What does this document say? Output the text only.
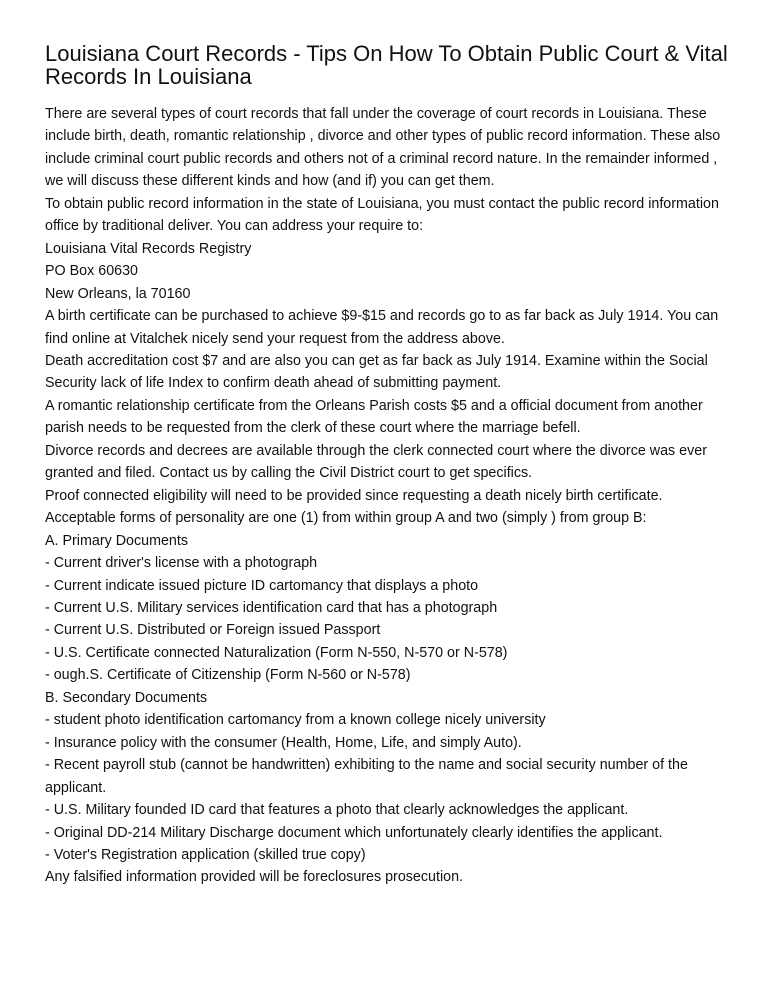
Louisiana Court Records - Tips On How To Obtain Public Court & Vital Records In Louisiana

There are several types of court records that fall under the coverage of court records in Louisiana. These include birth, death, romantic relationship , divorce and other types of public record information. These also include criminal court public records and others not of a criminal record nature. In the remainder informed , we will discuss these different kinds and how (and if) you can get them.

To obtain public record information in the state of Louisiana, you must contact the public record information office by traditional deliver. You can address your require to:

Louisiana Vital Records Registry

PO Box 60630

New Orleans, la 70160

A birth certificate can be purchased to achieve $9-$15 and records go to as far back as July 1914. You can find online at Vitalchek nicely send your request from the address above.

Death accreditation cost $7 and are also you can get as far back as July 1914. Examine within the Social Security lack of life Index to confirm death ahead of submitting payment.

A romantic relationship certificate from the Orleans Parish costs $5 and a official document from another parish needs to be requested from the clerk of these court where the marriage befell.

Divorce records and decrees are available through the clerk connected court where the divorce was ever granted and filed. Contact us by calling the Civil District court to get specifics.

Proof connected eligibility will need to be provided since requesting a death nicely birth certificate.

Acceptable forms of personality are one (1) from within group A and two (simply ) from group B:

A. Primary Documents

- Current driver's license with a photograph

- Current indicate issued picture ID cartomancy that displays a photo

- Current U.S. Military services identification card that has a photograph

- Current U.S. Distributed or Foreign issued Passport

- U.S. Certificate connected Naturalization (Form N-550, N-570 or N-578)

- ough.S. Certificate of Citizenship (Form N-560 or N-578)

B. Secondary Documents

- student photo identification cartomancy from a known college nicely university

- Insurance policy with the consumer (Health, Home, Life, and simply Auto).

- Recent payroll stub (cannot be handwritten) exhibiting to the name and social security number of the applicant.

- U.S. Military founded ID card that features a photo that clearly acknowledges the applicant.

- Original DD-214 Military Discharge document which unfortunately clearly identifies the applicant.

- Voter's Registration application (skilled true copy)

Any falsified information provided will be foreclosures prosecution.
